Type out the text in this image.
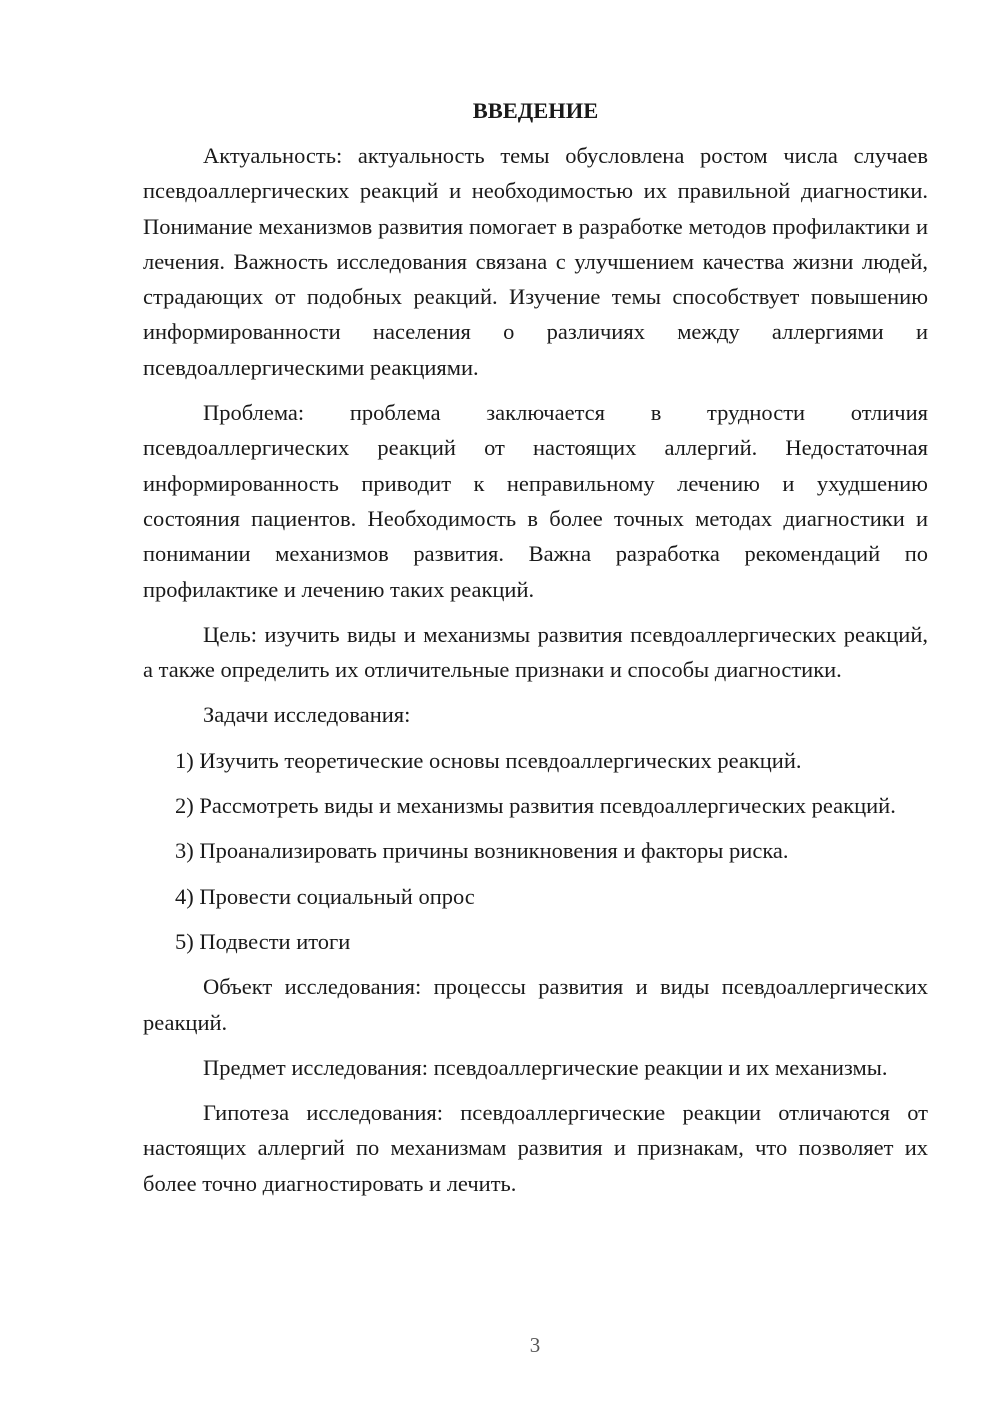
ВВЕДЕНИЕ

Актуальность: актуальность темы обусловлена ростом числа случаев псевдоаллергических реакций и необходимостью их правильной диагностики. Понимание механизмов развития помогает в разработке методов профилактики и лечения. Важность исследования связана с улучшением качества жизни людей, страдающих от подобных реакций. Изучение темы способствует повышению информированности населения о различиях между аллергиями и псевдоаллергическими реакциями.

Проблема: проблема заключается в трудности отличия псевдоаллергических реакций от настоящих аллергий. Недостаточная информированность приводит к неправильному лечению и ухудшению состояния пациентов. Необходимость в более точных методах диагностики и понимании механизмов развития. Важна разработка рекомендаций по профилактике и лечению таких реакций.

Цель: изучить виды и механизмы развития псевдоаллергических реакций, а также определить их отличительные признаки и способы диагностики.

Задачи исследования:

1) Изучить теоретические основы псевдоаллергических реакций.

2) Рассмотреть виды и механизмы развития псевдоаллергических реакций.

3) Проанализировать причины возникновения и факторы риска.

4) Провести социальный опрос

5) Подвести итоги

Объект исследования: процессы развития и виды псевдоаллергических реакций.

Предмет исследования: псевдоаллергические реакции и их механизмы.

Гипотеза исследования: псевдоаллергические реакции отличаются от настоящих аллергий по механизмам развития и признакам, что позволяет их более точно диагностировать и лечить.

3
